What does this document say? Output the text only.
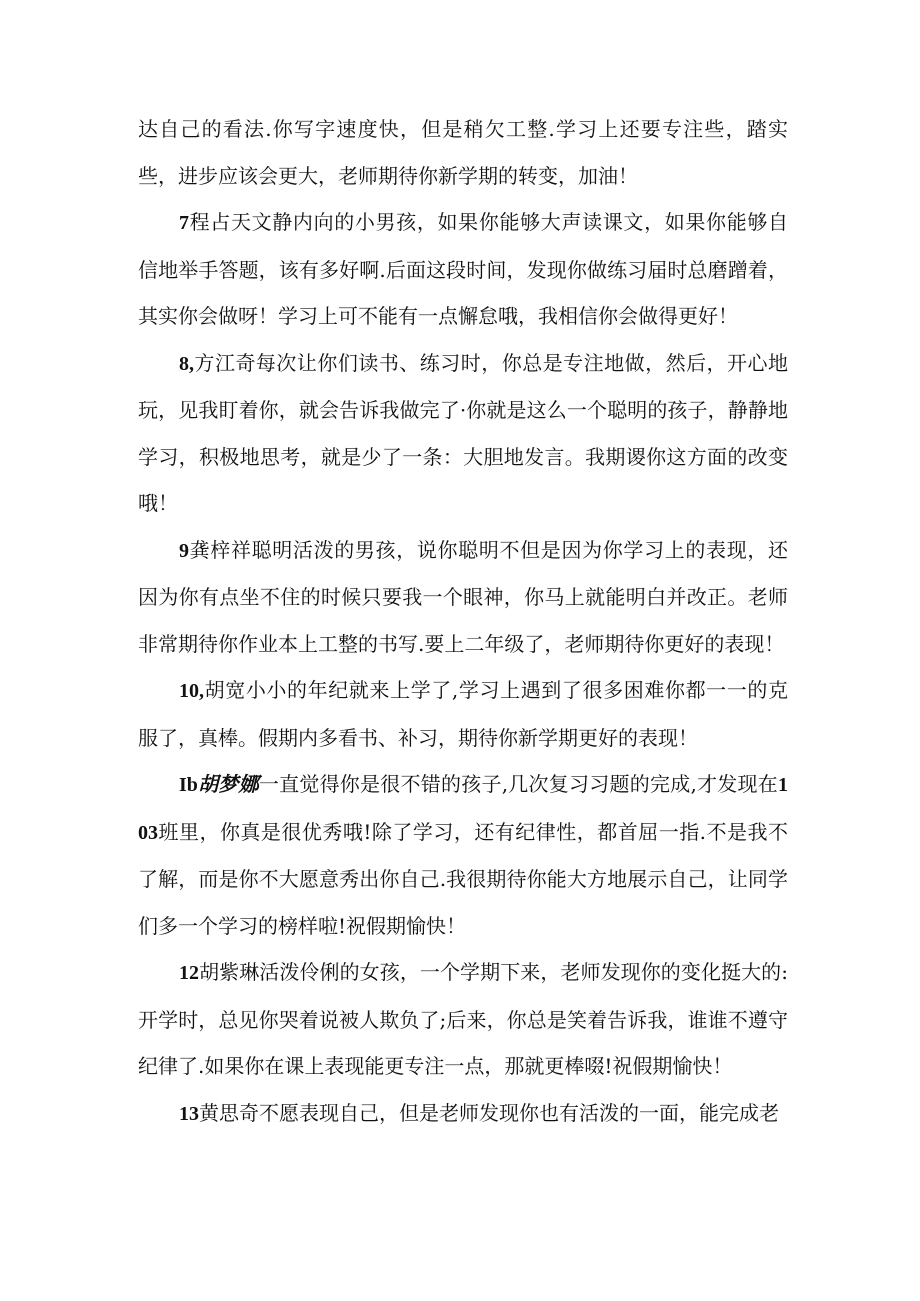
达自己的看法.你写字速度快，但是稍欠工整.学习上还要专注些，踏实些，进步应该会更大，老师期待你新学期的转变，加油！

7程占天文静内向的小男孩，如果你能够大声读课文，如果你能够自信地举手答题，该有多好啊.后面这段时间，发现你做练习届时总磨蹭着，其实你会做呀！学习上可不能有一点懈怠哦，我相信你会做得更好！

8,方江奇每次让你们读书、练习时，你总是专注地做，然后，开心地玩，见我盯着你，就会告诉我做完了·你就是这么一个聪明的孩子，静静地学习，积极地思考，就是少了一条：大胆地发言。我期谡你这方面的改变哦！

9龚梓祥聪明活泼的男孩，说你聪明不但是因为你学习上的表现，还因为你有点坐不住的时候只要我一个眼神，你马上就能明白并改正。老师非常期待你作业本上工整的书写.要上二年级了，老师期待你更好的表现！

10,胡宽小小的年纪就来上学了,学习上遇到了很多困难你都一一的克服了，真棒。假期内多看书、补习，期待你新学期更好的表现！

Ib胡梦娜一直觉得你是很不错的孩子,几次复习习题的完成,才发现在103班里，你真是很优秀哦!除了学习，还有纪律性，都首屈一指.不是我不了解，而是你不大愿意秀出你自己.我很期待你能大方地展示自己，让同学们多一个学习的榜样啦!祝假期愉快！

12胡紫琳活泼伶俐的女孩，一个学期下来，老师发现你的变化挺大的:开学时，总见你哭着说被人欺负了;后来，你总是笑着告诉我，谁谁不遵守纪律了.如果你在课上表现能更专注一点，那就更棒啜!祝假期愉快！

13黄思奇不愿表现自己，但是老师发现你也有活泼的一面，能完成老
